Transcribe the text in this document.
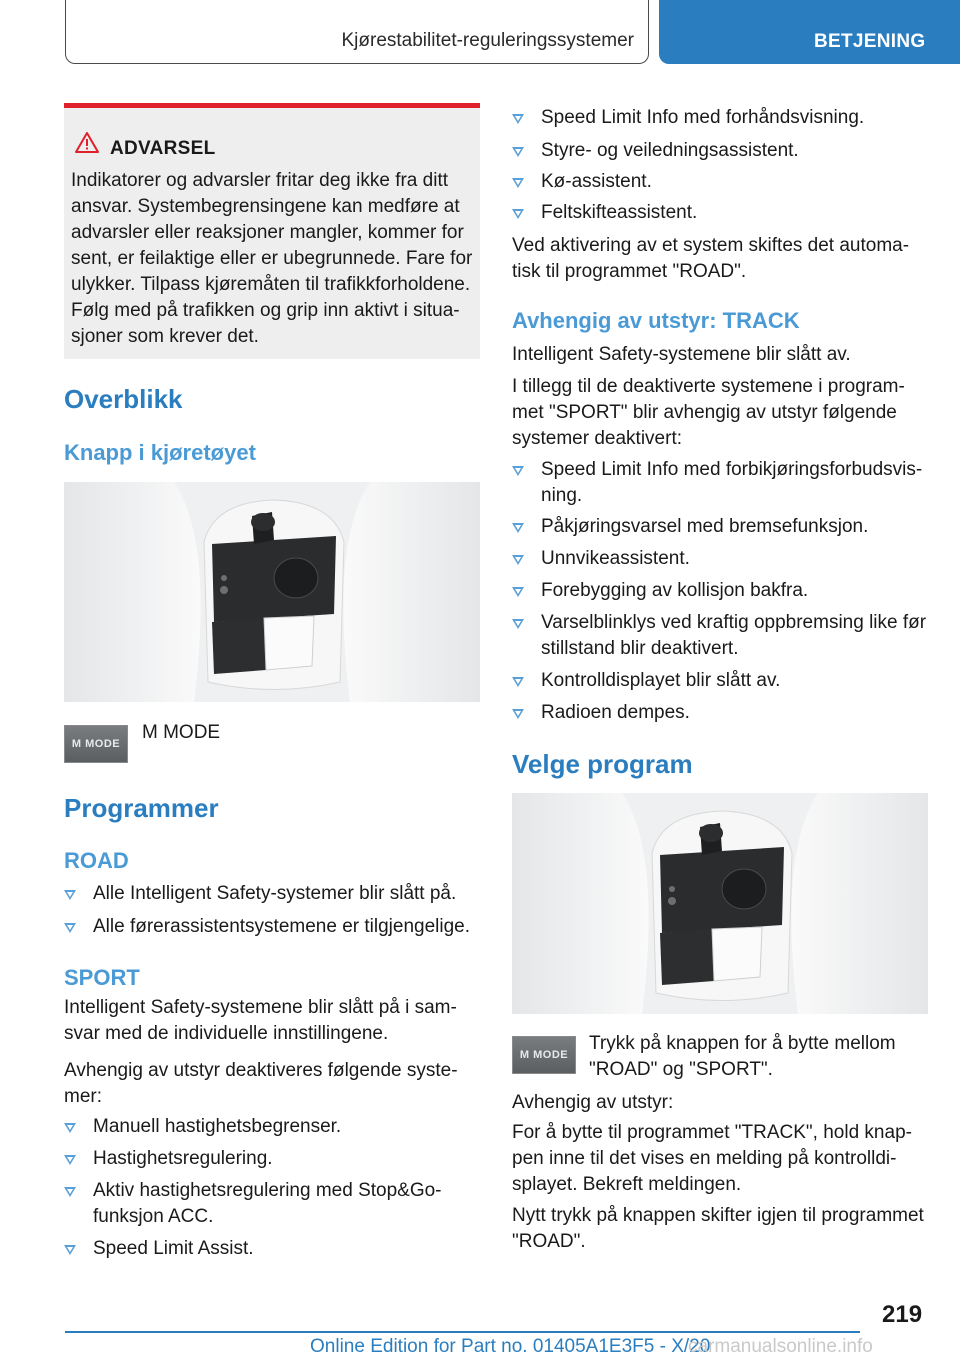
Kjørestabilitet-reguleringssystemer	BETJENING
ADVARSEL
Indikatorer og advarsler fritar deg ikke fra ditt
ansvar. Systembegrensingene kan medføre at
advarsler eller reaksjoner mangler, kommer for
sent, er feilaktige eller er ubegrunnede. Fare for
ulykker. Tilpass kjøremåten til trafikkforholdene.
Følg med på trafikken og grip inn aktivt i situa-
sjoner som krever det.
Overblikk
Knapp i kjøretøyet
M MODE

M MODE

Programmer
ROAD
Alle Intelligent Safety-systemer blir slått på.
Alle førerassistentsystemene er tilgjengelige.
SPORT

Intelligent Safety-systemene blir slått på i sam-
svar med de individuelle innstillingene.

Avhengig av utstyr deaktiveres følgende syste-
mer:

Manuell hastighetsbegrenser.
Hastighetsregulering.
Aktiv hastighetsregulering med Stop&Go-
funksjon ACC.
Speed Limit Assist.
Speed Limit Info med forhåndsvisning.
Styre- og veiledningsassistent.
Kø-assistent.
Feltskifteassistent.

Ved aktivering av et system skiftes det automa-
tisk til programmet "ROAD".

Avhengig av utstyr: TRACK

Intelligent Safety-systemene blir slått av.

I tillegg til de deaktiverte systemene i program-
met "SPORT" blir avhengig av utstyr følgende
systemer deaktivert:

Speed Limit Info med forbikjøringsforbudsvis-
ning.
Påkjøringsvarsel med bremsefunksjon.
Unnvikeassistent.
Forebygging av kollisjon bakfra.
Varselblinklys ved kraftig oppbremsing like før
stillstand blir deaktivert.
Kontrolldisplayet blir slått av.
Radioen dempes.
Velge program
M MODE

Trykk på knappen for å bytte mellom
"ROAD" og "SPORT".

Avhengig av utstyr:

For å bytte til programmet "TRACK", hold knap-
pen inne til det vises en melding på kontrolldi-
splayet. Bekreft meldingen.

Nytt trykk på knappen skifter igjen til programmet
"ROAD".

219
Online Edition for Part no. 01405A1E3F5 - X/20
carmanualsonline.info
